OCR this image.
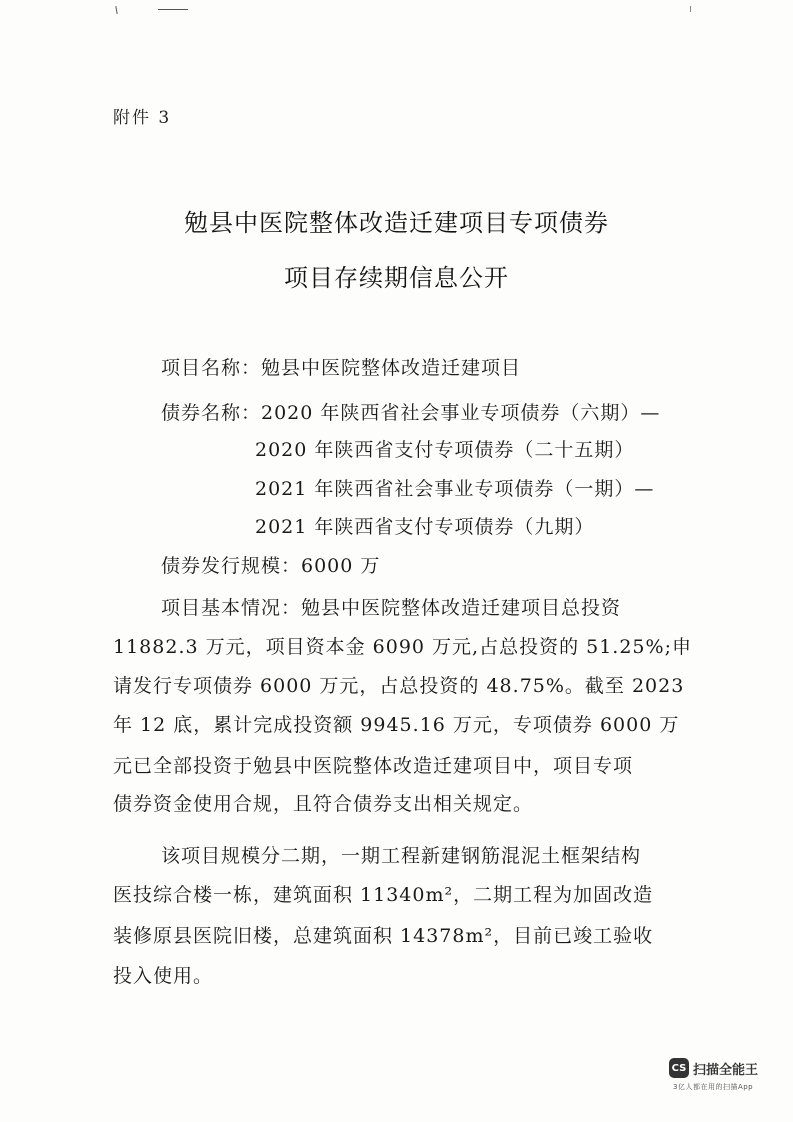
附件 3
勉县中医院整体改造迁建项目专项债券
项目存续期信息公开
项目名称：勉县中医院整体改造迁建项目
债券名称：2020 年陕西省社会事业专项债券（六期）—
2020 年陕西省支付专项债券（二十五期）
2021 年陕西省社会事业专项债券（一期）—
2021 年陕西省支付专项债券（九期）
债券发行规模：6000 万
项目基本情况：勉县中医院整体改造迁建项目总投资
11882.3 万元，项目资本金 6090 万元,占总投资的 51.25%;申
请发行专项债券 6000 万元，占总投资的 48.75%。截至 2023
年 12 底，累计完成投资额 9945.16 万元，专项债券 6000 万
元已全部投资于勉县中医院整体改造迁建项目中，项目专项
债券资金使用合规，且符合债券支出相关规定。
该项目规模分二期，一期工程新建钢筋混泥土框架结构
医技综合楼一栋，建筑面积 11340m²，二期工程为加固改造
装修原县医院旧楼，总建筑面积 14378m²，目前已竣工验收
投入使用。
CS 扫描全能王
3亿人都在用的扫描App
